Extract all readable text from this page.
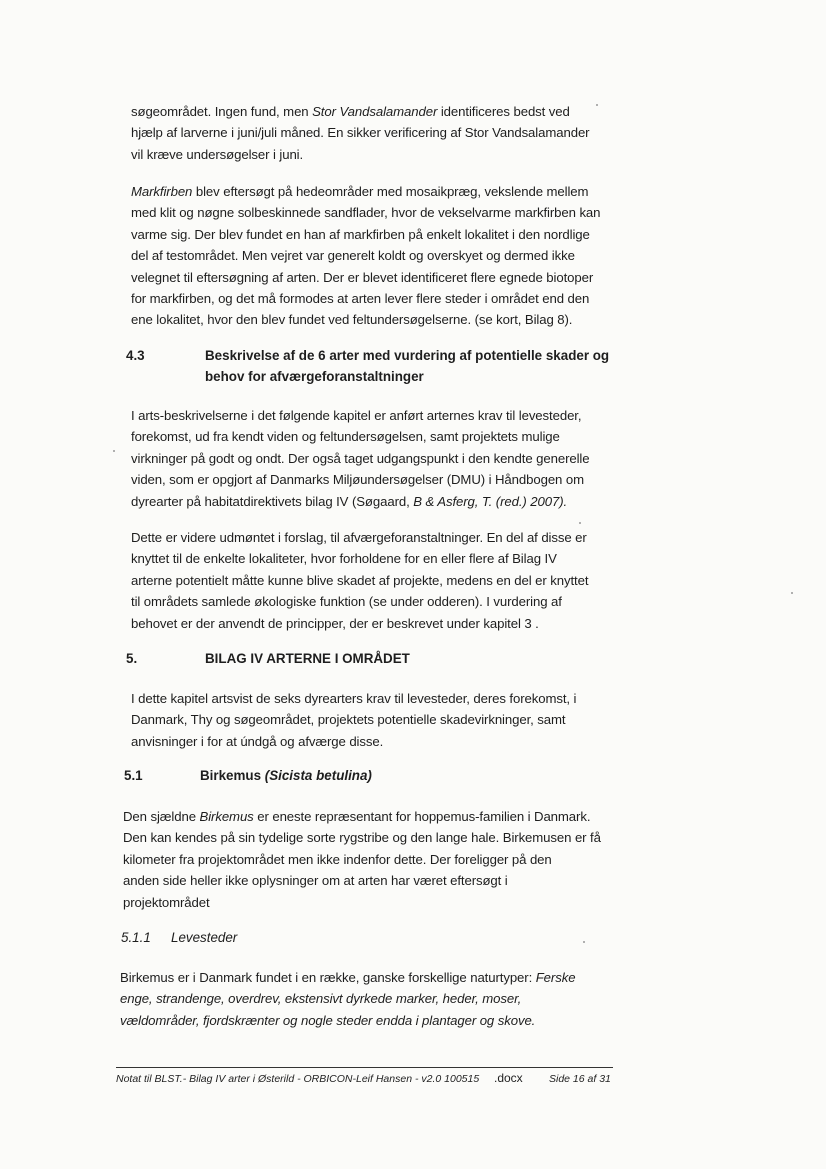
søgeområdet. Ingen fund, men Stor Vandsalamander identificeres bedst ved
hjælp af larverne i juni/juli måned. En sikker verificering af Stor Vandsalamander
vil kræve undersøgelser i juni.

Markfirben blev eftersøgt på hedeområder med mosaikpræg, vekslende mellem
med klit og nøgne solbeskinnede sandflader, hvor de vekselvarme markfirben kan
varme sig. Der blev fundet en han af markfirben på enkelt lokalitet i den nordlige
del af testområdet. Men vejret var generelt koldt og overskyet og dermed ikke
velegnet til eftersøgning af arten. Der er blevet identificeret flere egnede biotoper
for markfirben, og det må formodes at arten lever flere steder i området end den
ene lokalitet, hvor den blev fundet ved feltundersøgelserne. (se kort, Bilag 8).

4.3	Beskrivelse af de 6 arter med vurdering af potentielle skader og
behov for afværgeforanstaltninger

I arts-beskrivelserne i det følgende kapitel er anført arternes krav til levesteder,
forekomst, ud fra kendt viden og feltundersøgelsen, samt projektets mulige
virkninger på godt og ondt. Der også taget udgangspunkt i den kendte generelle
viden, som er opgjort af Danmarks Miljøundersøgelser (DMU) i Håndbogen om
dyrearter på habitatdirektivets bilag IV (Søgaard, B & Asferg, T. (red.) 2007).

Dette er videre udmøntet i forslag, til afværgeforanstaltninger. En del af disse er
knyttet til de enkelte lokaliteter, hvor forholdene for en eller flere af Bilag IV
arterne potentielt måtte kunne blive skadet af projekte, medens en del er knyttet
til områdets samlede økologiske funktion (se under odderen). I vurdering af
behovet er der anvendt de principper, der er beskrevet under kapitel 3 .

5.	BILAG IV ARTERNE I OMRÅDET

I dette kapitel artsvist de seks dyrearters krav til levesteder, deres forekomst, i
Danmark, Thy og søgeområdet, projektets potentielle skadevirkninger, samt
anvisninger i for at úndgå og afværge disse.

5.1	Birkemus (Sicista betulina)

Den sjældne Birkemus er eneste repræsentant for hoppemus-familien i Danmark.
Den kan kendes på sin tydelige sorte rygstribe og den lange hale. Birkemusen er få
kilometer fra projektområdet men ikke indenfor dette. Der foreligger på den
anden side heller ikke oplysninger om at arten har været eftersøgt i
projektområdet

5.1.1 Levesteder

Birkemus er i Danmark fundet i en række, ganske forskellige naturtyper: Ferske
enge, strandenge, overdrev, ekstensivt dyrkede marker, heder, moser,
vældområder, fjordskrænter og nogle steder endda i plantager og skove.

Notat til BLST.- Bilag IV arter i Østerild - ORBICON-Leif Hansen - v2.0 100515 .docx	Side 16 af 31
